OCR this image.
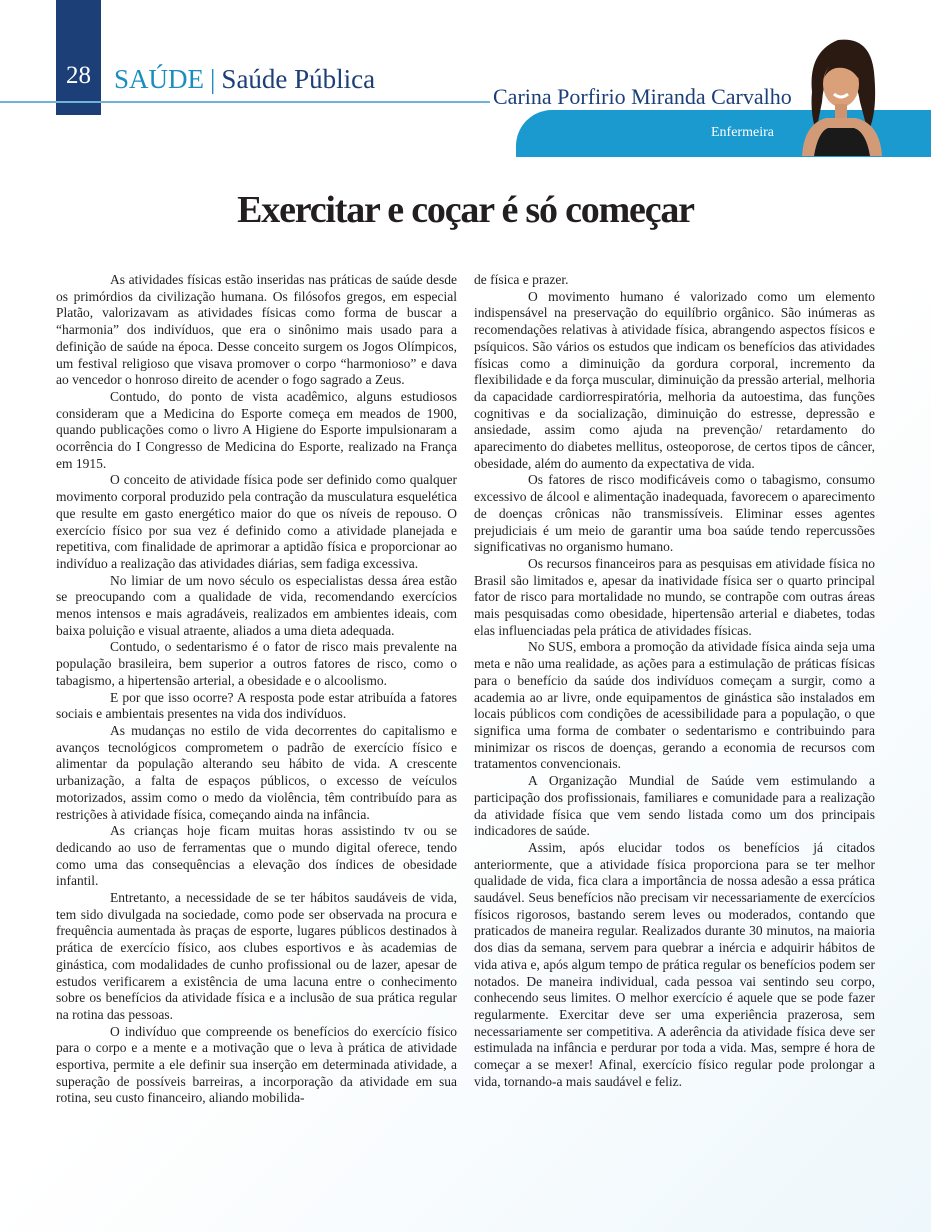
28 SAÚDE | Saúde Pública
Carina Porfirio Miranda Carvalho
Enfermeira
Exercitar e coçar é só começar

As atividades físicas estão inseridas nas práticas de saúde desde os primórdios da civilização humana. Os filósofos gregos, em especial Platão, valorizavam as atividades físicas como forma de buscar a “harmonia” dos indivíduos, que era o sinônimo mais usado para a definição de saúde na época. Desse conceito surgem os Jogos Olímpicos, um festival religioso que visava promover o corpo “harmonioso” e dava ao vencedor o honroso direito de acender o fogo sagrado a Zeus.

Contudo, do ponto de vista acadêmico, alguns estudiosos consideram que a Medicina do Esporte começa em meados de 1900, quando publicações como o livro A Higiene do Esporte impulsionaram a ocorrência do I Congresso de Medicina do Esporte, realizado na França em 1915.

O conceito de atividade física pode ser definido como qualquer movimento corporal produzido pela contração da musculatura esquelética que resulte em gasto energético maior do que os níveis de repouso. O exercício físico por sua vez é definido como a atividade planejada e repetitiva, com finalidade de aprimorar a aptidão física e proporcionar ao indivíduo a realização das atividades diárias, sem fadiga excessiva.

No limiar de um novo século os especialistas dessa área estão se preocupando com a qualidade de vida, recomendando exercícios menos intensos e mais agradáveis, realizados em ambientes ideais, com baixa poluição e visual atraente, aliados a uma dieta adequada.

Contudo, o sedentarismo é o fator de risco mais prevalente na população brasileira, bem superior a outros fatores de risco, como o tabagismo, a hipertensão arterial, a obesidade e o alcoolismo.

E por que isso ocorre? A resposta pode estar atribuída a fatores sociais e ambientais presentes na vida dos indivíduos.

As mudanças no estilo de vida decorrentes do capitalismo e avanços tecnológicos comprometem o padrão de exercício físico e alimentar da população alterando seu hábito de vida. A crescente urbanização, a falta de espaços públicos, o excesso de veículos motorizados, assim como o medo da violência, têm contribuído para as restrições à atividade física, começando ainda na infância.

As crianças hoje ficam muitas horas assistindo tv ou se dedicando ao uso de ferramentas que o mundo digital oferece, tendo como uma das consequências a elevação dos índices de obesidade infantil.

Entretanto, a necessidade de se ter hábitos saudáveis de vida, tem sido divulgada na sociedade, como pode ser observada na procura e frequência aumentada às praças de esporte, lugares públicos destinados à prática de exercício físico, aos clubes esportivos e às academias de ginástica, com modalidades de cunho profissional ou de lazer, apesar de estudos verificarem a existência de uma lacuna entre o conhecimento sobre os benefícios da atividade física e a inclusão de sua prática regular na rotina das pessoas.

O indivíduo que compreende os benefícios do exercício físico para o corpo e a mente e a motivação que o leva à prática de atividade esportiva, permite a ele definir sua inserção em determinada atividade, a superação de possíveis barreiras, a incorporação da atividade em sua rotina, seu custo financeiro, aliando mobilida-

de física e prazer.

O movimento humano é valorizado como um elemento indispensável na preservação do equilíbrio orgânico. São inúmeras as recomendações relativas à atividade física, abrangendo aspectos físicos e psíquicos. São vários os estudos que indicam os benefícios das atividades físicas como a diminuição da gordura corporal, incremento da flexibilidade e da força muscular, diminuição da pressão arterial, melhoria da capacidade cardiorrespiratória, melhoria da autoestima, das funções cognitivas e da socialização, diminuição do estresse, depressão e ansiedade, assim como ajuda na prevenção/ retardamento do aparecimento do diabetes mellitus, osteoporose, de certos tipos de câncer, obesidade, além do aumento da expectativa de vida.

Os fatores de risco modificáveis como o tabagismo, consumo excessivo de álcool e alimentação inadequada, favorecem o aparecimento de doenças crônicas não transmissíveis. Eliminar esses agentes prejudiciais é um meio de garantir uma boa saúde tendo repercussões significativas no organismo humano.

Os recursos financeiros para as pesquisas em atividade física no Brasil são limitados e, apesar da inatividade física ser o quarto principal fator de risco para mortalidade no mundo, se contrapõe com outras áreas mais pesquisadas como obesidade, hipertensão arterial e diabetes, todas elas influenciadas pela prática de atividades físicas.

No SUS, embora a promoção da atividade física ainda seja uma meta e não uma realidade, as ações para a estimulação de práticas físicas para o benefício da saúde dos indivíduos começam a surgir, como a academia ao ar livre, onde equipamentos de ginástica são instalados em locais públicos com condições de acessibilidade para a população, o que significa uma forma de combater o sedentarismo e contribuindo para minimizar os riscos de doenças, gerando a economia de recursos com tratamentos convencionais.

A Organização Mundial de Saúde vem estimulando a participação dos profissionais, familiares e comunidade para a realização da atividade física que vem sendo listada como um dos principais indicadores de saúde.

Assim, após elucidar todos os benefícios já citados anteriormente, que a atividade física proporciona para se ter melhor qualidade de vida, fica clara a importância de nossa adesão a essa prática saudável. Seus benefícios não precisam vir necessariamente de exercícios físicos rigorosos, bastando serem leves ou moderados, contando que praticados de maneira regular. Realizados durante 30 minutos, na maioria dos dias da semana, servem para quebrar a inércia e adquirir hábitos de vida ativa e, após algum tempo de prática regular os benefícios podem ser notados. De maneira individual, cada pessoa vai sentindo seu corpo, conhecendo seus limites. O melhor exercício é aquele que se pode fazer regularmente. Exercitar deve ser uma experiência prazerosa, sem necessariamente ser competitiva. A aderência da atividade física deve ser estimulada na infância e perdurar por toda a vida. Mas, sempre é hora de começar a se mexer! Afinal, exercício físico regular pode prolongar a vida, tornando-a mais saudável e feliz.
